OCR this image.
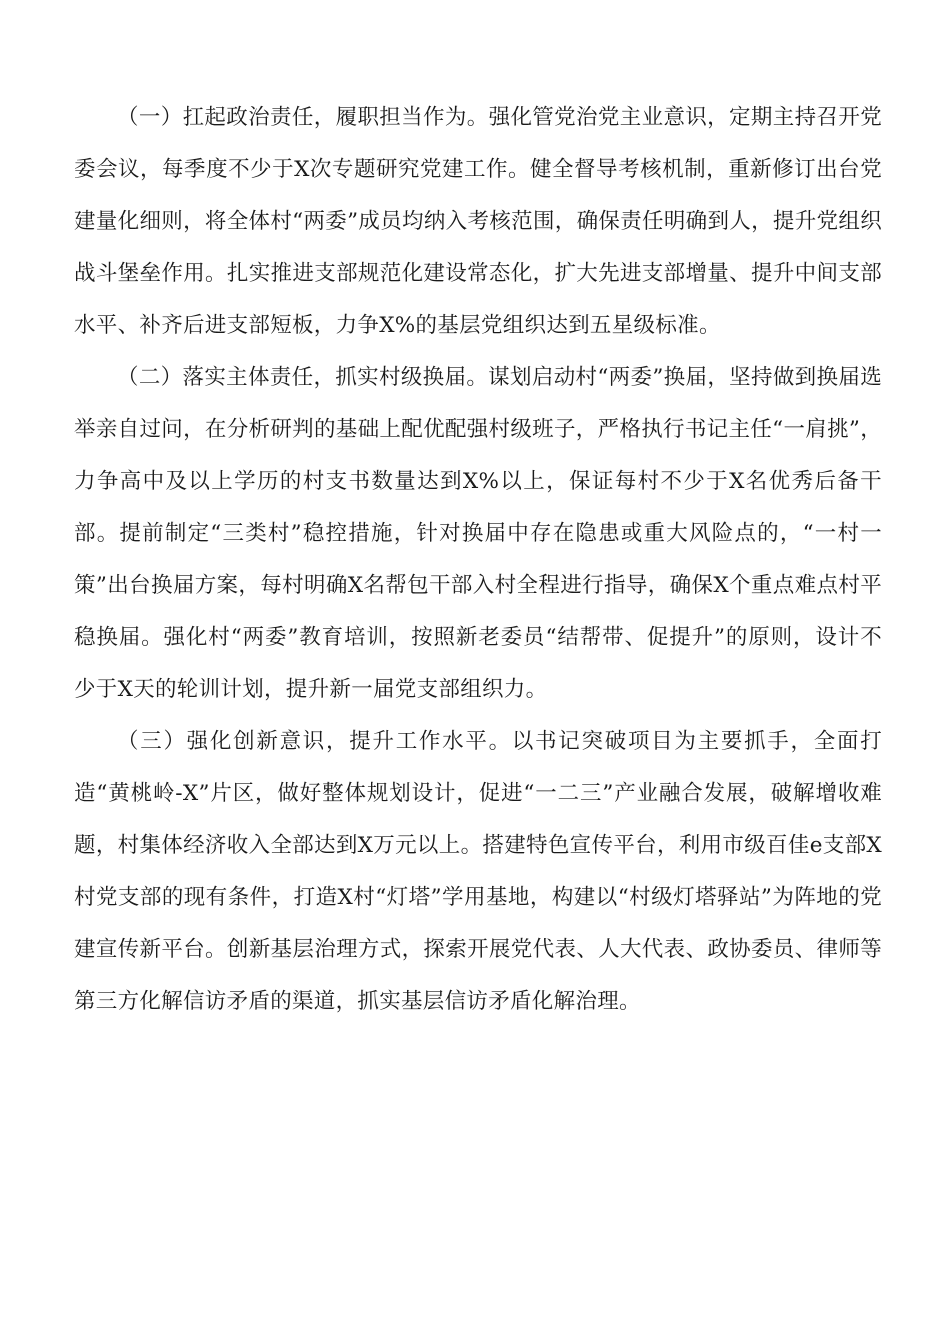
（一）扛起政治责任，履职担当作为。强化管党治党主业意识，定期主持召开党委会议，每季度不少于X次专题研究党建工作。健全督导考核机制，重新修订出台党建量化细则，将全体村“两委”成员均纳入考核范围，确保责任明确到人，提升党组织战斗堡垒作用。扎实推进支部规范化建设常态化，扩大先进支部增量、提升中间支部水平、补齐后进支部短板，力争X%的基层党组织达到五星级标准。

（二）落实主体责任，抓实村级换届。谋划启动村“两委”换届，坚持做到换届选举亲自过问，在分析研判的基础上配优配强村级班子，严格执行书记主任“一肩挑”，力争高中及以上学历的村支书数量达到X%以上，保证每村不少于X名优秀后备干部。提前制定“三类村”稳控措施，针对换届中存在隐患或重大风险点的，“一村一策”出台换届方案，每村明确X名帮包干部入村全程进行指导，确保X个重点难点村平稳换届。强化村“两委”教育培训，按照新老委员“结帮带、促提升”的原则，设计不少于X天的轮训计划，提升新一届党支部组织力。

（三）强化创新意识，提升工作水平。以书记突破项目为主要抓手，全面打造“黄桃岭-X”片区，做好整体规划设计，促进“一二三”产业融合发展，破解增收难题，村集体经济收入全部达到X万元以上。搭建特色宣传平台，利用市级百佳e支部X村党支部的现有条件，打造X村“灯塔”学用基地，构建以“村级灯塔驿站”为阵地的党建宣传新平台。创新基层治理方式，探索开展党代表、人大代表、政协委员、律师等第三方化解信访矛盾的渠道，抓实基层信访矛盾化解治理。
